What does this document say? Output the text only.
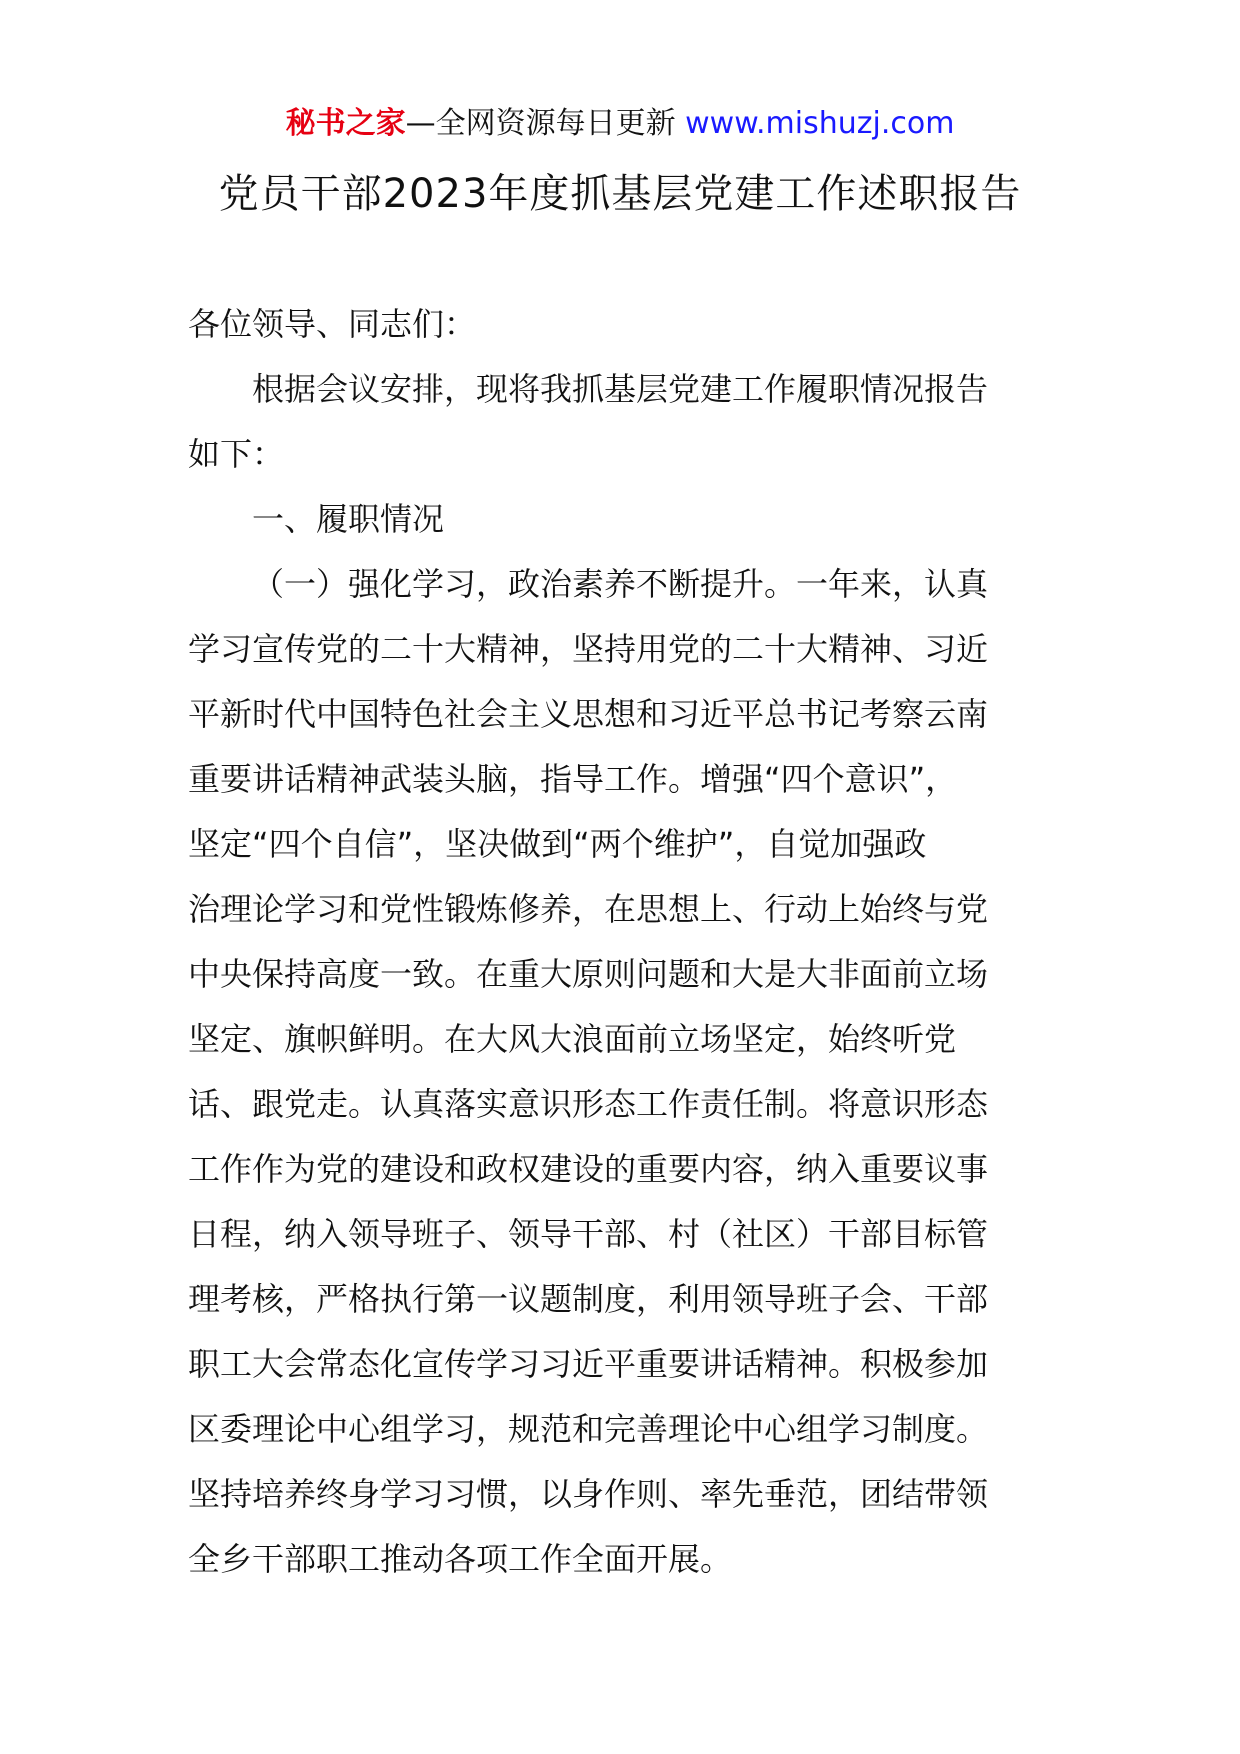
秘书之家—全网资源每日更新 www.mishuzj.com
党员干部2023年度抓基层党建工作述职报告
各位领导、同志们：
根据会议安排，现将我抓基层党建工作履职情况报告
如下：
一、履职情况
（一）强化学习，政治素养不断提升。一年来，认真
学习宣传党的二十大精神，坚持用党的二十大精神、习近
平新时代中国特色社会主义思想和习近平总书记考察云南
重要讲话精神武装头脑，指导工作。增强“四个意识”，
坚定“四个自信”，坚决做到“两个维护”，自觉加强政
治理论学习和党性锻炼修养，在思想上、行动上始终与党
中央保持高度一致。在重大原则问题和大是大非面前立场
坚定、旗帜鲜明。在大风大浪面前立场坚定，始终听党
话、跟党走。认真落实意识形态工作责任制。将意识形态
工作作为党的建设和政权建设的重要内容，纳入重要议事
日程，纳入领导班子、领导干部、村（社区）干部目标管
理考核，严格执行第一议题制度，利用领导班子会、干部
职工大会常态化宣传学习习近平重要讲话精神。积极参加
区委理论中心组学习，规范和完善理论中心组学习制度。
坚持培养终身学习习惯，以身作则、率先垂范，团结带领
全乡干部职工推动各项工作全面开展。
